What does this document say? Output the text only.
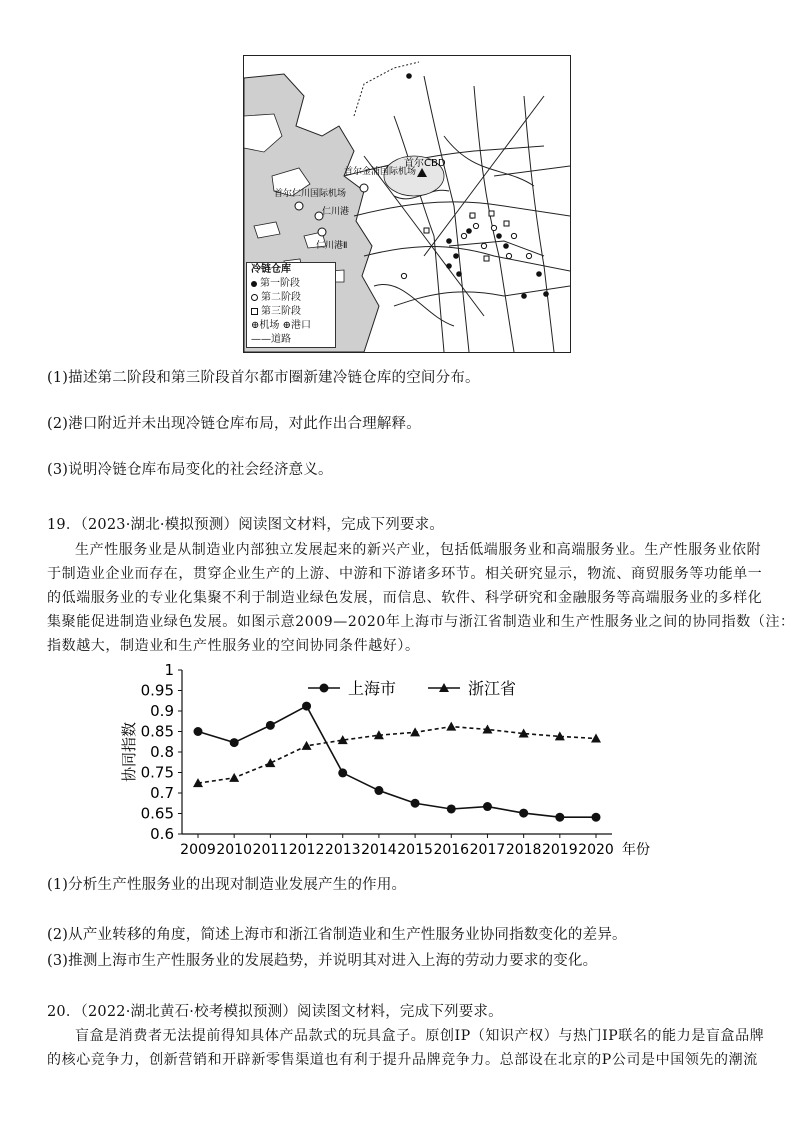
首尔CBD
首尔金浦国际机场
首尔仁川国际机场
仁川港
仁川港Ⅱ
冷链仓库
第一阶段
第二阶段
第三阶段
⊕机场 ⊕港口
——道路
(1)描述第二阶段和第三阶段首尔都市圈新建冷链仓库的空间分布。
(2)港口附近并未出现冷链仓库布局，对此作出合理解释。
(3)说明冷链仓库布局变化的社会经济意义。
19．（2023·湖北·模拟预测）阅读图文材料，完成下列要求。

生产性服务业是从制造业内部独立发展起来的新兴产业，包括低端服务业和高端服务业。生产性服务业依附

于制造业企业而存在，贯穿企业生产的上游、中游和下游诸多环节。相关研究显示，物流、商贸服务等功能单一

的低端服务业的专业化集聚不利于制造业绿色发展，而信息、软件、科学研究和金融服务等高端服务业的多样化

集聚能促进制造业绿色发展。如图示意2009—2020年上海市与浙江省制造业和生产性服务业之间的协同指数（注：

指数越大，制造业和生产性服务业的空间协同条件越好）。

0.6
0.65
0.7
0.75
0.8
0.85
0.9
0.95
1
2009 2010 2011 2012 2013 2014 2015 2016 2017 2018 2019 2020 年份
协同指数
上海市	浙江省
(1)分析生产性服务业的出现对制造业发展产生的作用。
(2)从产业转移的角度，简述上海市和浙江省制造业和生产性服务业协同指数变化的差异。
(3)推测上海市生产性服务业的发展趋势，并说明其对进入上海的劳动力要求的变化。
20．（2022·湖北黄石·校考模拟预测）阅读图文材料，完成下列要求。

盲盒是消费者无法提前得知具体产品款式的玩具盒子。原创IP（知识产权）与热门IP联名的能力是盲盒品牌

的核心竞争力，创新营销和开辟新零售渠道也有利于提升品牌竞争力。总部设在北京的P公司是中国领先的潮流
